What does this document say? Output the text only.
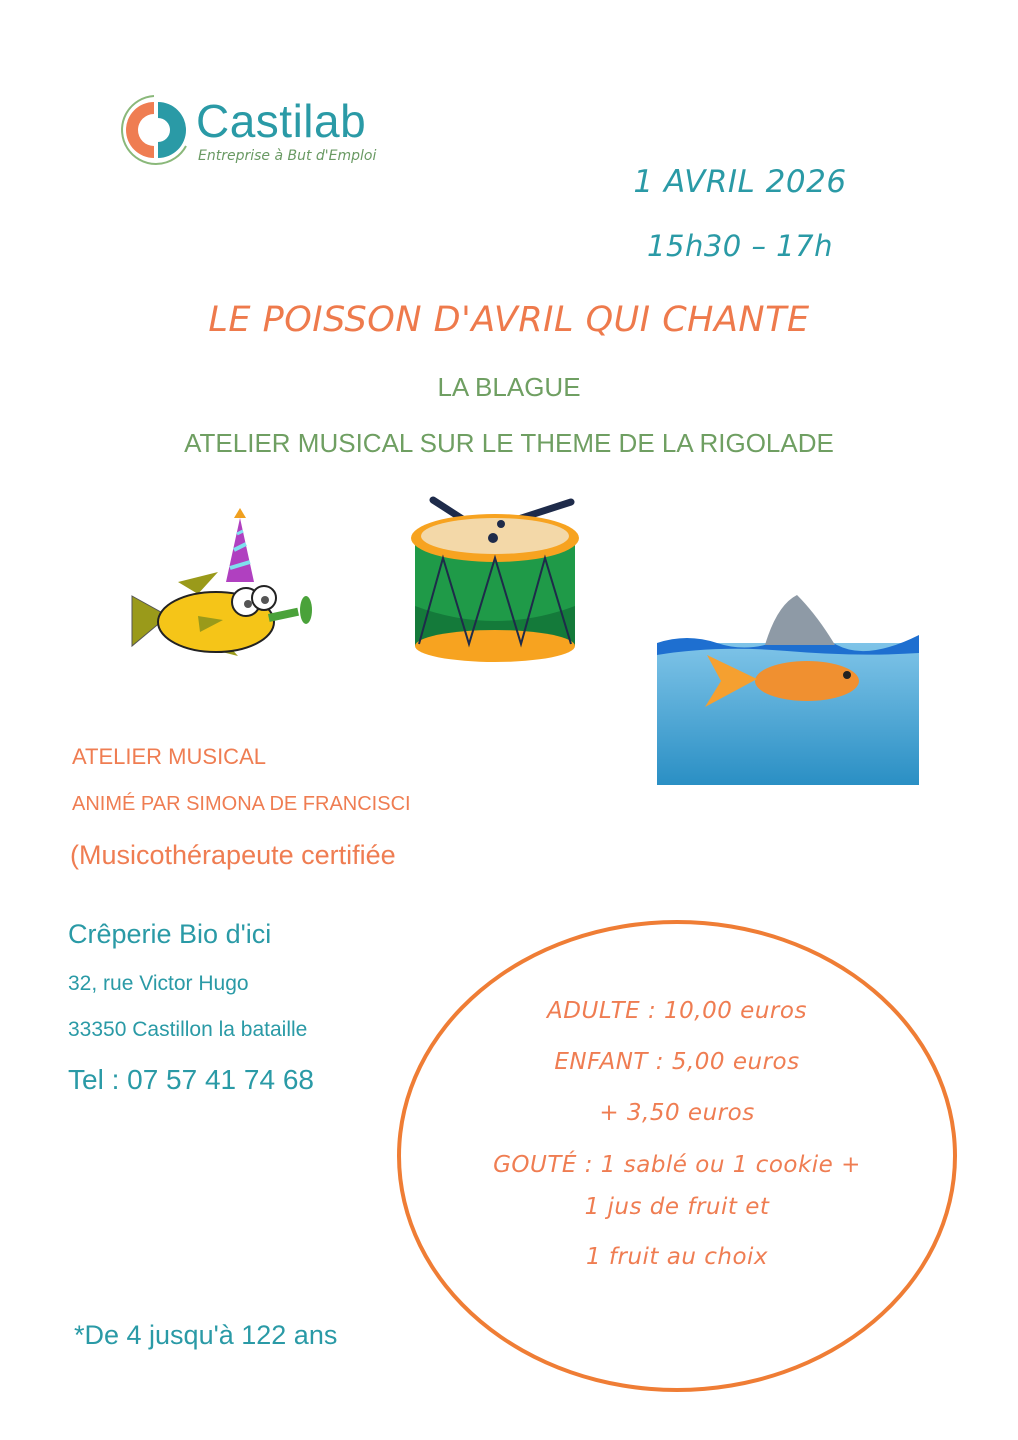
Castilab
Entreprise à But d'Emploi
1 AVRIL 2026
15h30 – 17h
LE POISSON D'AVRIL QUI CHANTE
LA BLAGUE
ATELIER MUSICAL SUR LE THEME DE LA RIGOLADE
ATELIER MUSICAL
ANIMÉ PAR SIMONA DE FRANCISCI
(Musicothérapeute certifiée
Crêperie Bio d'ici
32, rue Victor Hugo
33350 Castillon la bataille
Tel : 07 57 41 74 68
*De 4 jusqu'à 122 ans
ADULTE : 10,00 euros
ENFANT : 5,00 euros
+ 3,50 euros
GOUTÉ : 1 sablé ou 1 cookie +
1 jus de fruit et
1 fruit au choix
